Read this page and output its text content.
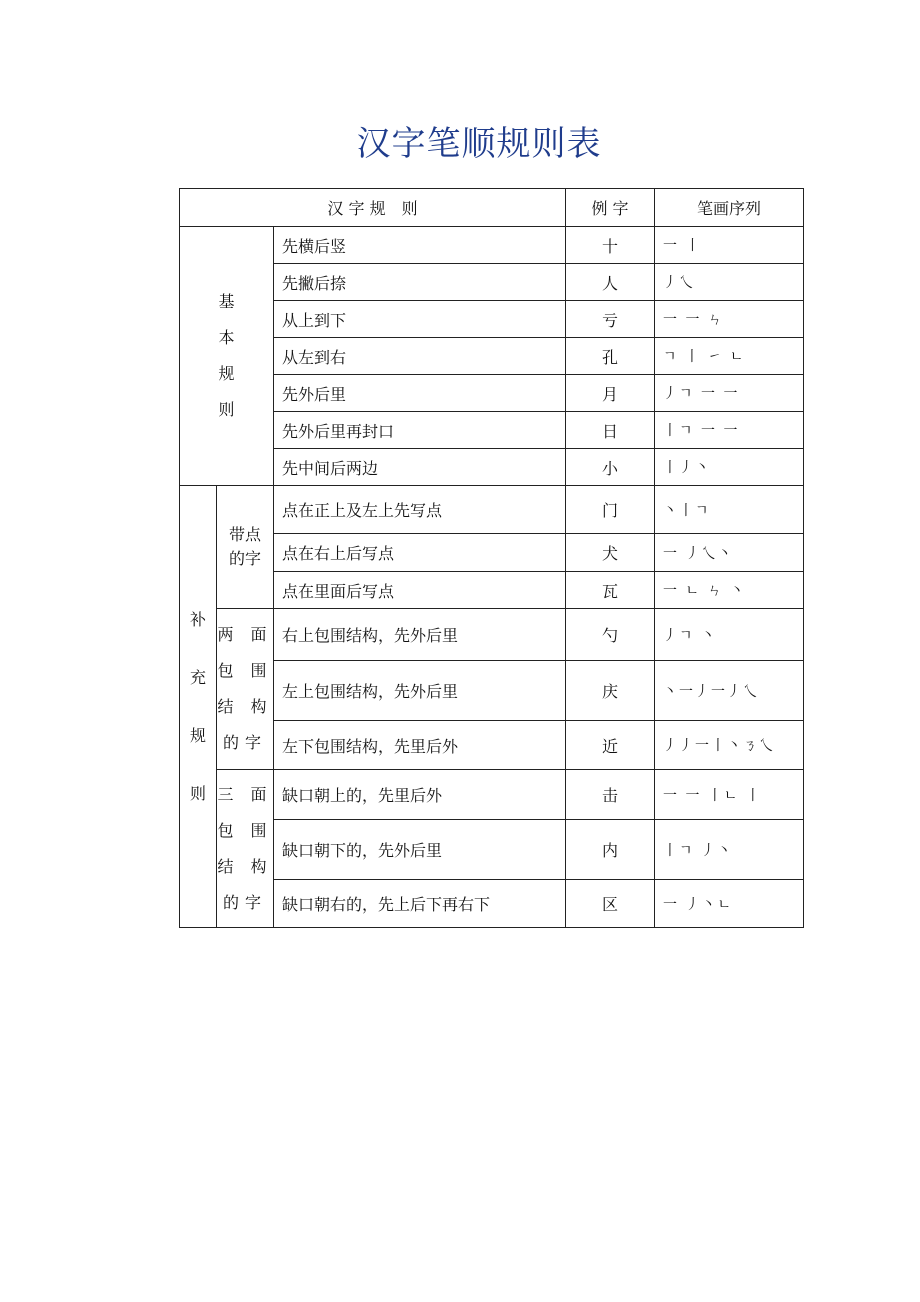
汉字笔顺规则表
汉 字 规　则			例 字	笔画序列

基
本
规
则		先横后竖	十	一 丨
		先撇后捺	人	丿乀
		从上到下	亏	一 一 ㄣ
		从左到右	孔	ㄱ 丨 ㇀ ㄴ
		先外后里	月	丿ㄱ 一 一
		先外后里再封口	日	丨ㄱ 一 一
		先中间后两边	小	丨丿丶

补
充
规
则	带点
的字	点在正上及左上先写点	门	丶丨ㄱ
		点在右上后写点	犬	一 丿乀丶
		点在里面后写点	瓦	一 ㄴ ㄣ 丶

	两 面
包 围
结 构
的字	右上包围结构，先外后里	勺	丿ㄱ 丶
		左上包围结构，先外后里	庆	丶一丿一丿乀
		左下包围结构，先里后外	近	丿丿一丨丶ㄋ乀

	三 面
包 围
结 构
的字	缺口朝上的，先里后外	击	一 一 丨ㄴ 丨
		缺口朝下的，先外后里	内	丨ㄱ 丿丶
		缺口朝右的，先上后下再右下	区	一 丿丶ㄴ
